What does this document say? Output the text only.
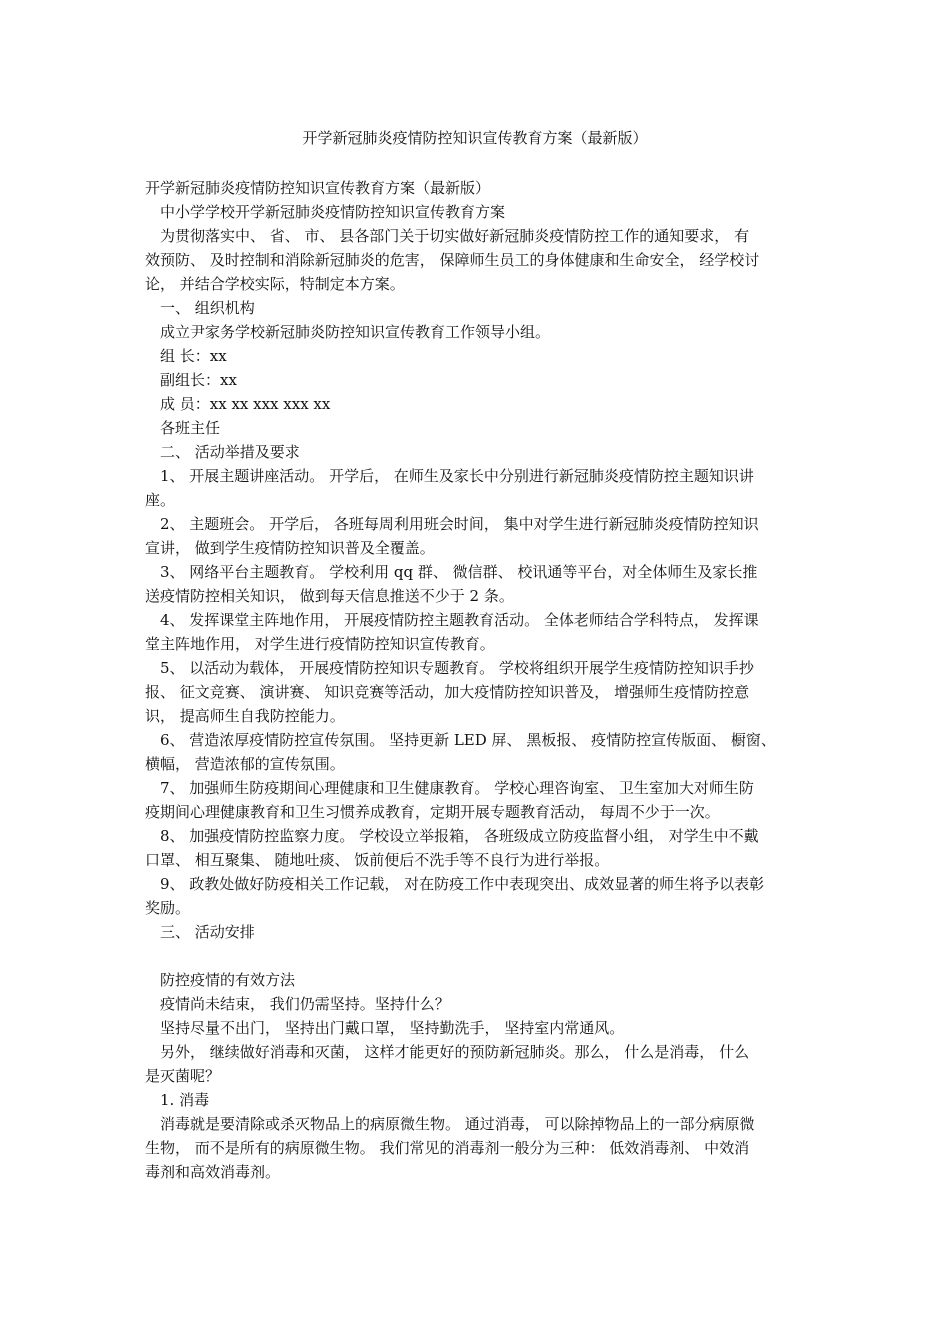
开学新冠肺炎疫情防控知识宣传教育方案（最新版）

开学新冠肺炎疫情防控知识宣传教育方案（最新版）

中小学学校开学新冠肺炎疫情防控知识宣传教育方案

为贯彻落实中、 省、 市、 县各部门关于切实做好新冠肺炎疫情防控工作的通知要求， 有

效预防、 及时控制和消除新冠肺炎的危害， 保障师生员工的身体健康和生命安全， 经学校讨

论， 并结合学校实际，特制定本方案。

一、 组织机构

成立尹家务学校新冠肺炎防控知识宣传教育工作领导小组。

组 长：xx

副组长：xx

成 员：xx xx xxx xxx xx

各班主任

二、 活动举措及要求

1、 开展主题讲座活动。 开学后， 在师生及家长中分别进行新冠肺炎疫情防控主题知识讲

座。

2、 主题班会。 开学后， 各班每周利用班会时间， 集中对学生进行新冠肺炎疫情防控知识

宣讲， 做到学生疫情防控知识普及全覆盖。

3、 网络平台主题教育。 学校利用 qq 群、 微信群、 校讯通等平台，对全体师生及家长推

送疫情防控相关知识， 做到每天信息推送不少于 2 条。

4、 发挥课堂主阵地作用， 开展疫情防控主题教育活动。 全体老师结合学科特点， 发挥课

堂主阵地作用， 对学生进行疫情防控知识宣传教育。

5、 以活动为载体， 开展疫情防控知识专题教育。 学校将组织开展学生疫情防控知识手抄

报、 征文竞赛、 演讲赛、 知识竞赛等活动，加大疫情防控知识普及， 增强师生疫情防控意

识， 提高师生自我防控能力。

6、 营造浓厚疫情防控宣传氛围。 坚持更新 LED 屏、 黑板报、 疫情防控宣传版面、 橱窗、

横幅， 营造浓郁的宣传氛围。

7、 加强师生防疫期间心理健康和卫生健康教育。 学校心理咨询室、 卫生室加大对师生防

疫期间心理健康教育和卫生习惯养成教育，定期开展专题教育活动， 每周不少于一次。

8、 加强疫情防控监察力度。 学校设立举报箱， 各班级成立防疫监督小组， 对学生中不戴

口罩、 相互聚集、 随地吐痰、 饭前便后不洗手等不良行为进行举报。

9、 政教处做好防疫相关工作记载， 对在防疫工作中表现突出、成效显著的师生将予以表彰

奖励。

三、 活动安排

防控疫情的有效方法

疫情尚未结束， 我们仍需坚持。坚持什么？

坚持尽量不出门， 坚持出门戴口罩， 坚持勤洗手， 坚持室内常通风。

另外， 继续做好消毒和灭菌， 这样才能更好的预防新冠肺炎。那么， 什么是消毒， 什么

是灭菌呢？

1. 消毒

消毒就是要清除或杀灭物品上的病原微生物。 通过消毒， 可以除掉物品上的一部分病原微

生物， 而不是所有的病原微生物。 我们常见的消毒剂一般分为三种： 低效消毒剂、 中效消

毒剂和高效消毒剂。
